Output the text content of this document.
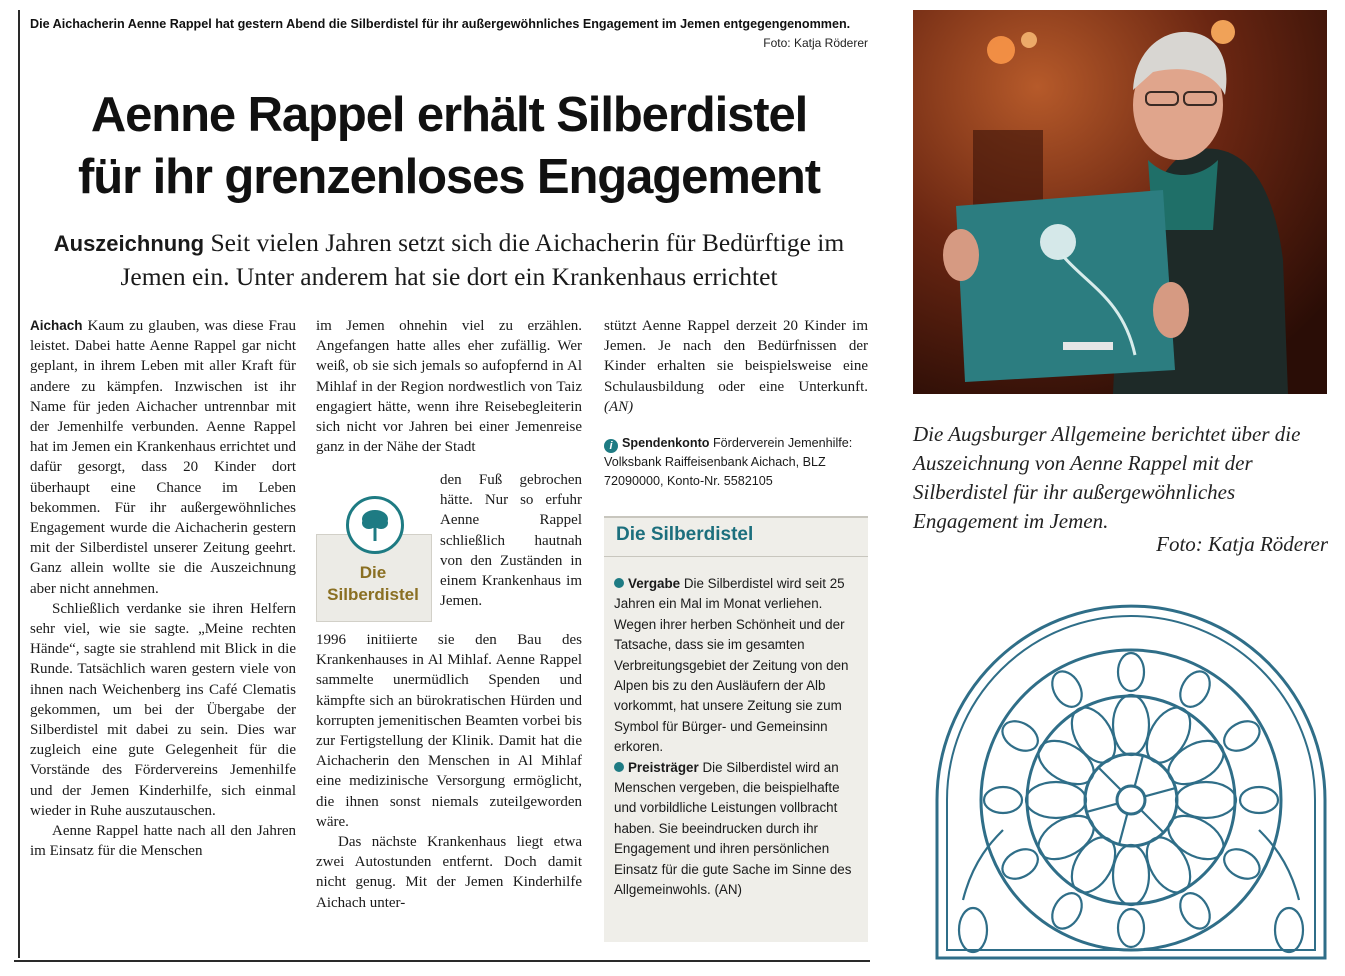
Die Aichacherin Aenne Rappel hat gestern Abend die Silberdistel für ihr außergewöhnliches Engagement im Jemen entgegengenommen.
Foto: Katja Röderer
Aenne Rappel erhält Silberdistel
für ihr grenzenloses Engagement
Auszeichnung Seit vielen Jahren setzt sich die Aichacherin für Bedürftige im Jemen ein. Unter anderem hat sie dort ein Krankenhaus errichtet

Aichach Kaum zu glauben, was diese Frau leistet. Dabei hatte Aenne Rappel gar nicht geplant, in ihrem Leben mit aller Kraft für andere zu kämpfen. Inzwischen ist ihr Name für jeden Aichacher untrennbar mit der Jemenhilfe verbunden. Aenne Rappel hat im Jemen ein Krankenhaus errichtet und dafür gesorgt, dass 20 Kinder dort überhaupt eine Chance im Leben bekommen. Für ihr außergewöhnliches Engagement wurde die Aichacherin gestern mit der Silberdistel unserer Zeitung geehrt. Ganz allein wollte sie die Auszeichnung aber nicht annehmen.

Schließlich verdanke sie ihren Helfern sehr viel, wie sie sagte. „Meine rechten Hände“, sagte sie strahlend mit Blick in die Runde. Tatsächlich waren gestern viele von ihnen nach Weichenberg ins Café Clematis gekommen, um bei der Übergabe der Silberdistel mit dabei zu sein. Dies war zugleich eine gute Gelegenheit für die Vorstände des Fördervereins Jemenhilfe und der Jemen Kinderhilfe, sich einmal wieder in Ruhe auszutauschen.

Aenne Rappel hatte nach all den Jahren im Einsatz für die Menschen

im Jemen ohnehin viel zu erzählen. Angefangen hatte alles eher zufällig. Wer weiß, ob sie sich jemals so aufopfernd in Al Mihlaf in der Region nordwestlich von Taiz engagiert hätte, wenn ihre Reisebegleiterin sich nicht vor Jahren bei einer Jemenreise ganz in der Nähe der Stadt

den Fuß gebrochen hätte. Nur so erfuhr Aenne Rappel schließlich hautnah von den Zuständen in einem Krankenhaus im Jemen.
Die
Silberdistel

1996 initiierte sie den Bau des Krankenhauses in Al Mihlaf. Aenne Rappel sammelte unermüdlich Spenden und kämpfte sich an bürokratischen Hürden und korrupten jemenitischen Beamten vorbei bis zur Fertigstellung der Klinik. Damit hat die Aichacherin den Menschen in Al Mihlaf eine medizinische Versorgung ermöglicht, die ihnen sonst niemals zuteilgeworden wäre.

Das nächste Krankenhaus liegt etwa zwei Autostunden entfernt. Doch damit nicht genug. Mit der Jemen Kinderhilfe Aichach unter-

stützt Aenne Rappel derzeit 20 Kinder im Jemen. Je nach den Bedürfnissen der Kinder erhalten sie beispielsweise eine Schulausbildung oder eine Unterkunft. (AN)

i Spendenkonto Förderverein Jemenhilfe: Volksbank Raiffeisenbank Aichach, BLZ 72090000, Konto-Nr. 5582105
Die Silberdistel

Vergabe Die Silberdistel wird seit 25 Jahren ein Mal im Monat verliehen. Wegen ihrer herben Schönheit und der Tatsache, dass sie im gesamten Verbreitungsgebiet der Zeitung von den Alpen bis zu den Ausläufern der Alb vorkommt, hat unsere Zeitung sie zum Symbol für Bürger- und Gemeinsinn erkoren.

Preisträger Die Silberdistel wird an Menschen vergeben, die beispielhafte und vorbildliche Leistungen vollbracht haben. Sie beeindrucken durch ihr Engagement und ihren persönlichen Einsatz für die gute Sache im Sinne des Allgemeinwohls. (AN)

Die Augsburger Allgemeine berichtet über die Auszeichnung von Aenne Rappel mit der Silberdistel für ihr außergewöhnliches Engagement im Jemen.
Foto: Katja Röderer
